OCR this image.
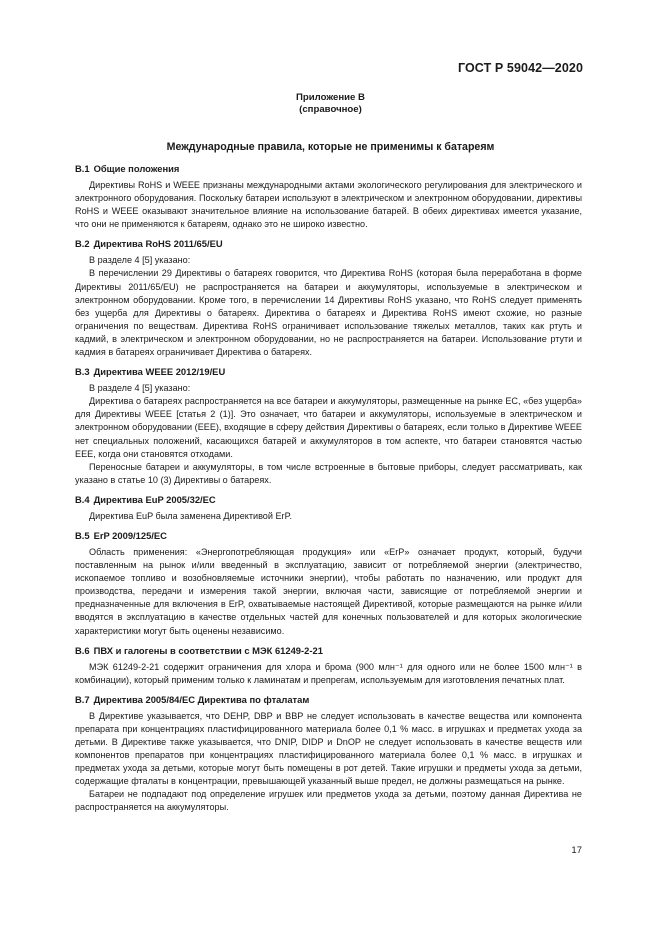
ГОСТ Р 59042—2020
Приложение В
(справочное)
Международные правила, которые не применимы к батареям
В.1 Общие положения

Директивы RoHS и WEEE признаны международными актами экологического регулирования для электрического и электронного оборудования. Поскольку батареи используют в электрическом и электронном оборудовании, директивы RoHS и WEEE оказывают значительное влияние на использование батарей. В обеих директивах имеется указание, что они не применяются к батареям, однако это не широко известно.

В.2 Директива RoHS 2011/65/EU

В разделе 4 [5] указано:

В перечислении 29 Директивы о батареях говорится, что Директива RoHS (которая была переработана в форме Директивы 2011/65/EU) не распространяется на батареи и аккумуляторы, используемые в электрическом и электронном оборудовании. Кроме того, в перечислении 14 Директивы RoHS указано, что RoHS следует применять без ущерба для Директивы о батареях. Директива о батареях и Директива RoHS имеют схожие, но разные ограничения по веществам. Директива RoHS ограничивает использование тяжелых металлов, таких как ртуть и кадмий, в электрическом и электронном оборудовании, но не распространяется на батареи. Использование ртути и кадмия в батареях ограничивает Директива о батареях.

В.3 Директива WEEE 2012/19/EU

В разделе 4 [5] указано:

Директива о батареях распространяется на все батареи и аккумуляторы, размещенные на рынке ЕС, «без ущерба» для Директивы WEEE [статья 2 (1)]. Это означает, что батареи и аккумуляторы, используемые в электрическом и электронном оборудовании (ЕЕЕ), входящие в сферу действия Директивы о батареях, если только в Директиве WEEE нет специальных положений, касающихся батарей и аккумуляторов в том аспекте, что батареи становятся частью ЕЕЕ, когда они становятся отходами.

Переносные батареи и аккумуляторы, в том числе встроенные в бытовые приборы, следует рассматривать, как указано в статье 10 (3) Директивы о батареях.

В.4 Директива EuP 2005/32/EC

Директива EuP была заменена Директивой ErP.

В.5 ErP 2009/125/EC

Область применения: «Энергопотребляющая продукция» или «ErP» означает продукт, который, будучи поставленным на рынок и/или введенный в эксплуатацию, зависит от потребляемой энергии (электричество, ископаемое топливо и возобновляемые источники энергии), чтобы работать по назначению, или продукт для производства, передачи и измерения такой энергии, включая части, зависящие от потребляемой энергии и предназначенные для включения в ErP, охватываемые настоящей Директивой, которые размещаются на рынке и/или вводятся в эксплуатацию в качестве отдельных частей для конечных пользователей и для которых экологические характеристики могут быть оценены независимо.

В.6 ПВХ и галогены в соответствии с МЭК 61249-2-21

МЭК 61249-2-21 содержит ограничения для хлора и брома (900 млн⁻¹ для одного или не более 1500 млн⁻¹ в комбинации), который применим только к ламинатам и препрегам, используемым для изготовления печатных плат.

В.7 Директива 2005/84/ЕС Директива по фталатам

В Директиве указывается, что DEHP, DBP и BBP не следует использовать в качестве вещества или компонента препарата при концентрациях пластифицированного материала более 0,1 % масс. в игрушках и предметах ухода за детьми. В Директиве также указывается, что DNIP, DIDP и DnOP не следует использовать в качестве веществ или компонентов препаратов при концентрациях пластифицированного материала более 0,1 % масс. в игрушках и предметах ухода за детьми, которые могут быть помещены в рот детей. Такие игрушки и предметы ухода за детьми, содержащие фталаты в концентрации, превышающей указанный выше предел, не должны размещаться на рынке.

Батареи не подпадают под определение игрушек или предметов ухода за детьми, поэтому данная Директива не распространяется на аккумуляторы.

17
